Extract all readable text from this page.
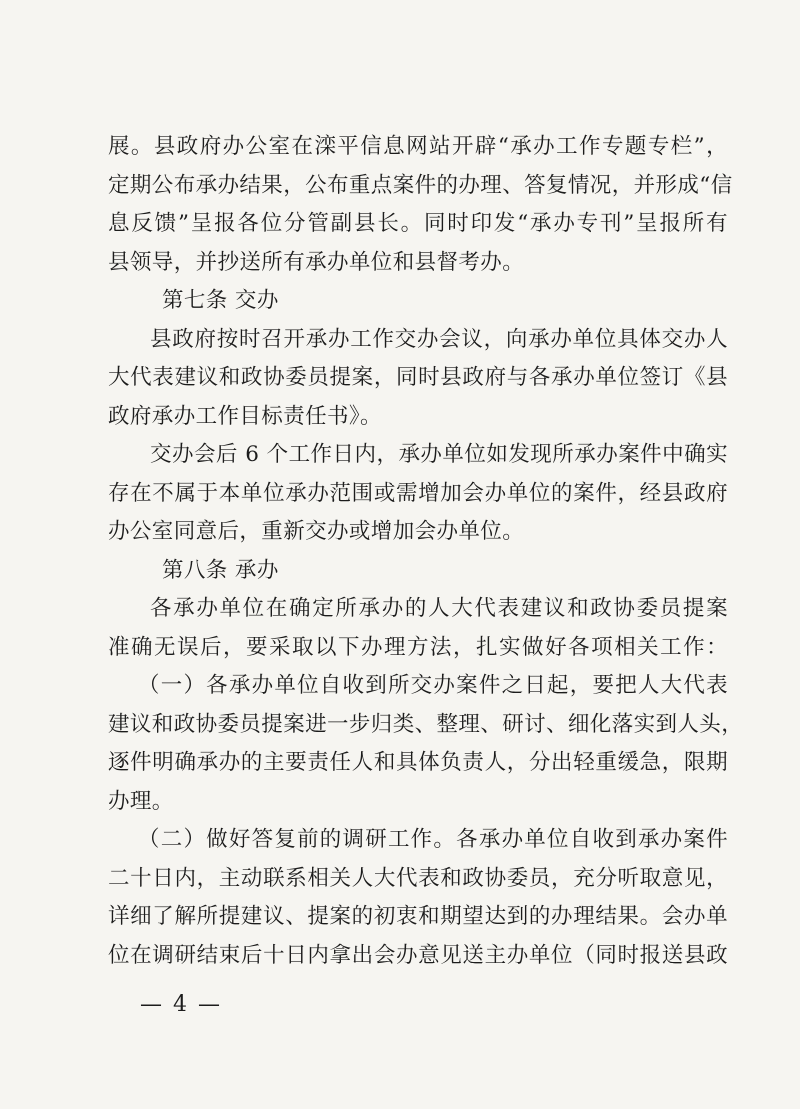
展。县政府办公室在滦平信息网站开辟“承办工作专题专栏”，
定期公布承办结果，公布重点案件的办理、答复情况，并形成“信
息反馈”呈报各位分管副县长。同时印发“承办专刊”呈报所有
县领导，并抄送所有承办单位和县督考办。
第七条 交办
县政府按时召开承办工作交办会议，向承办单位具体交办人
大代表建议和政协委员提案，同时县政府与各承办单位签订《县
政府承办工作目标责任书》。
交办会后 6 个工作日内，承办单位如发现所承办案件中确实
存在不属于本单位承办范围或需增加会办单位的案件，经县政府
办公室同意后，重新交办或增加会办单位。
第八条 承办
各承办单位在确定所承办的人大代表建议和政协委员提案
准确无误后，要采取以下办理方法，扎实做好各项相关工作：
（一）各承办单位自收到所交办案件之日起，要把人大代表
建议和政协委员提案进一步归类、整理、研讨、细化落实到人头，
逐件明确承办的主要责任人和具体负责人，分出轻重缓急，限期
办理。
（二）做好答复前的调研工作。各承办单位自收到承办案件
二十日内，主动联系相关人大代表和政协委员，充分听取意见，
详细了解所提建议、提案的初衷和期望达到的办理结果。会办单
位在调研结束后十日内拿出会办意见送主办单位（同时报送县政
— 4 —
